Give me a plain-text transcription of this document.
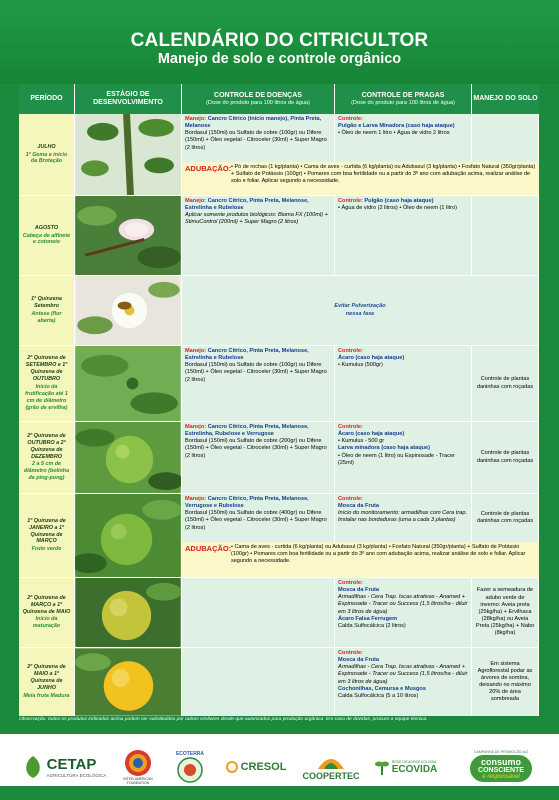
CALENDÁRIO DO CITRICULTOR
Manejo de solo e controle orgânico
PERÍODO
ESTÁGIO DE DESENVOLVIMENTO
CONTROLE DE DOENÇAS
(Dose do produto para 100 litros de água)
CONTROLE DE PRAGAS
(Dose do produto para 100 litros de água)
MANEJO DO SOLO
JULHO
1ª Gema e início da Brotação
Manejo: Cancro Cítrico (início manejo), Pinta Preta, Melanose
Bordasul (150ml) ou Sulfato de cobre (100gr) ou Difere (150ml) + Óleo vegetal - Citroceler (30ml) + Super Magro (2 litros)
Controle:
Pulgão e Larva Minadora (caso haja ataque)
• Óleo de neem 1 litro • Água de vidro 2 litros
ADUBAÇÃO: • Pó de rochas (1 kg/planta) • Cama de aves - curtida (6 kg/planta) ou Adubasul (3 kg/planta) • Fosfato Natural (350gr/planta) + Sulfato de Potássio (100gr) • Pomares com boa fertilidade ou a partir do 3º ano com adubação acima, realizar análise de solo e foliar. Aplicar segundo a necessidade.
AGOSTO
Cabeça de alfinete e cotonete
Manejo: Cancro Cítrico, Pinta Preta, Melanose, Estrelinha e Rubelose
Aplicar somente produtos biológicos: Bioma FX (100ml) + StimuControl (200ml) + Super Magro (2 litros)
Controle: Pulgão (caso haja ataque)
• Água de vidro (2 litros) • Óleo de neem (1 litro)
1ª Quinzena Setembro
Antese (flor aberta)
Evitar Pulverização
nessa fase
2ª Quinzena de SETEMBRO e 1ª Quinzena de OUTUBRO
Início da frutificação até 1 cm de diâmetro (grão de ervilha)
Manejo: Cancro Cítrico, Pinta Preta, Melanose, Estrelinha e Rubelose
Bordasul (150ml) ou Sulfato de cobre (100gr) ou Difere (150ml) + Óleo vegetal - Citroceler (30ml) + Super Magro (2 litros)
Controle:
Ácaro (caso haja ataque)
• Kumulus (500gr)
Controle de plantas daninhas com roçadas
2ª Quinzena de OUTUBRO a 2ª Quinzena de DEZEMBRO
2 a 5 cm de diâmetro (bolinha de ping-pong)
Manejo: Cancro Cítrico, Pinta Preta, Melanose, Estrelinha, Rubelose e Verrugose
Bordasul (150ml) ou Sulfato de cobre (200gr) ou Difere (150ml) + Óleo vegetal - Citroceler (30ml) + Super Magro (2 litros)
Controle:
Ácaro (caso haja ataque)
• Kumulus - 500 gr
Larva minadora (caso haja ataque)
• Óleo de neem (1 litro) ou Espinosade - Tracer (25ml)
Controle de plantas daninhas com roçadas
1ª Quinzena de JANEIRO a 1ª Quinzena de MARÇO
Fruto verde
Manejo: Cancro Cítrico, Pinta Preta, Melanose, Verrugose e Rubelose
Bordasul (150ml) ou Sulfato de cobre (400gr) ou Difere (150ml) + Óleo vegetal - Citroceler (30ml) + Super Magro (2 litros)
Controle:
Mosca da Fruta
Início do monitoramento: armadilhas com Cera trap. Instalar nas bordaduras (uma a cada 3 plantas)
Controle de plantas daninhas com roçadas
ADUBAÇÃO: • Cama de aves - curtida (6 kg/planta) ou Adubasul (3 kg/planta) • Fosfato Natural (350gr/planta) + Sulfato de Potássio (100gr) • Pomares com boa fertilidade ou a partir do 3º ano com adubação acima, realizar análise de solo e foliar. Aplicar segundo a necessidade.
2ª Quinzena de MARÇO a 1ª Quinzena de MAIO
Início da maturação
Controle:
Mosca da Fruta
Armadilhas - Cera Trap. Iscas atrativas - Anamed + Espinosade - Tracer ou Success (1,5 litros/ha - diluir em 3 litros de água)
Ácaro Falsa Ferrugem
Calda Sulfocálcica (2 litros)
Fazer a semeadura de adubo verde de inverno: Aveia preta (25kg/ha) + Ervilhaca (28kg/ha) ou Aveia Preta (25kg/ha) + Nabo (8kg/ha)
2ª Quinzena de MAIO a 1ª Quinzena de JUNHO
Meia fruta Madura
Controle:
Mosca da Fruta
Armadilhas - Cera Trap. Iscas atrativas - Anamed + Espinosade - Tracer ou Success (1,5 litros/ha - diluir em 3 litros de água)
Cochonilhas, Cemursa e Musgos
Calda Sulfocálcica (5 a 10 litros)
Em sistema Agroflorestal podar as árvores de sombra, deixando no máximo 20% de área sombreada
Observação: todos os produtos indicados acima podem ser substituídos por outros similares desde que autorizados para produção orgânica. Em caso de dúvidas, procure a equipe técnica.
CETAP
AGRICULTURA ECOLÓGICA
INTER-AMERICAN FOUNDATION
ECOTERRA
CRESOL
COOPERTEC
REDE DE AGROECOLOGIA
ECOVIDA
CAMPANHA DE PROMOÇÃO AO
consumo
CONSCIENTE
e responsável
